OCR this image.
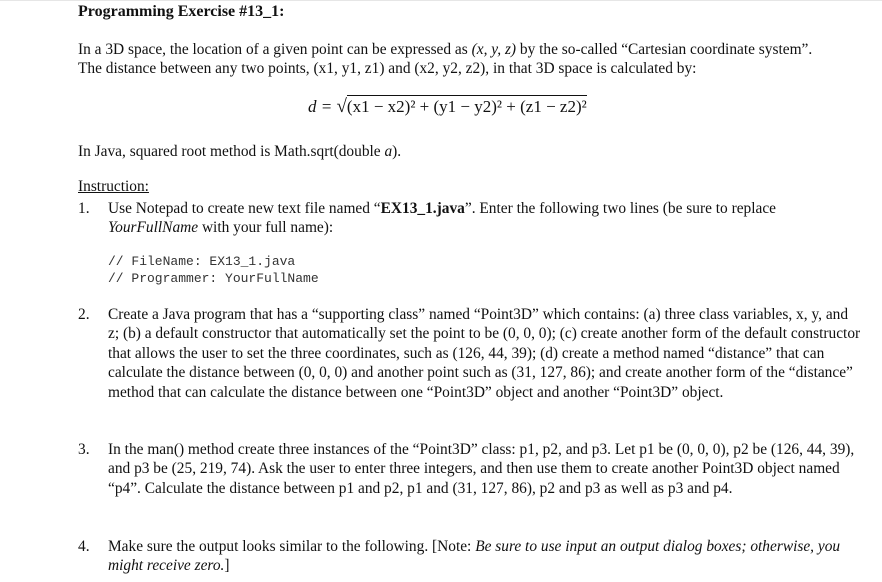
Programming Exercise #13_1:
In a 3D space, the location of a given point can be expressed as (x, y, z) by the so-called “Cartesian coordinate system”. The distance between any two points, (x1, y1, z1) and (x2, y2, z2), in that 3D space is calculated by:
d = √(x1 − x2)² + (y1 − y2)² + (z1 − z2)²
In Java, squared root method is Math.sqrt(double a).
Instruction:
1. Use Notepad to create new text file named “EX13_1.java”. Enter the following two lines (be sure to replace YourFullName with your full name):
// FileName: EX13_1.java
// Programmer: YourFullName
2. Create a Java program that has a “supporting class” named “Point3D” which contains: (a) three class variables, x, y, and z; (b) a default constructor that automatically set the point to be (0, 0, 0); (c) create another form of the default constructor that allows the user to set the three coordinates, such as (126, 44, 39); (d) create a method named “distance” that can calculate the distance between (0, 0, 0) and another point such as (31, 127, 86); and create another form of the “distance” method that can calculate the distance between one “Point3D” object and another “Point3D” object.
3. In the man() method create three instances of the “Point3D” class: p1, p2, and p3. Let p1 be (0, 0, 0), p2 be (126, 44, 39), and p3 be (25, 219, 74). Ask the user to enter three integers, and then use them to create another Point3D object named “p4”. Calculate the distance between p1 and p2, p1 and (31, 127, 86), p2 and p3 as well as p3 and p4.
4. Make sure the output looks similar to the following. [Note: Be sure to use input an output dialog boxes; otherwise, you might receive zero.]
